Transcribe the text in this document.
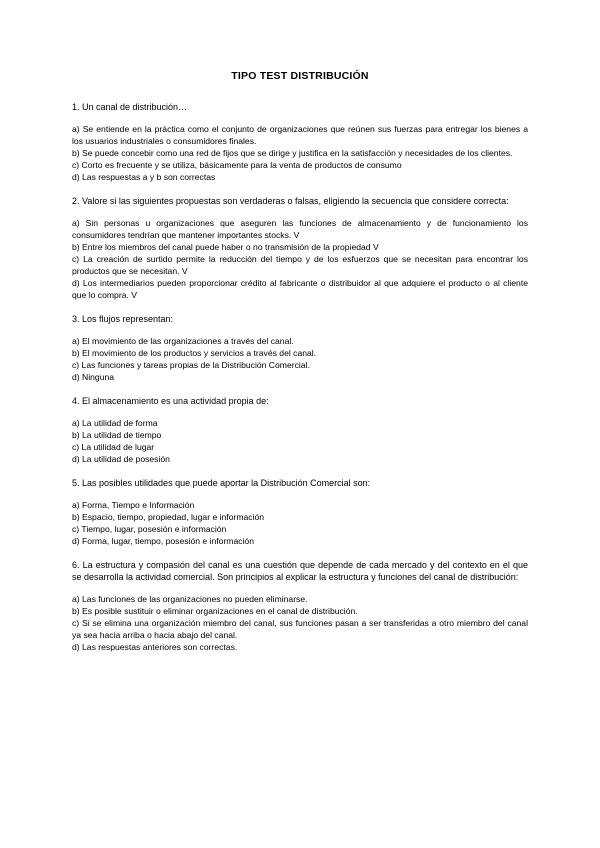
TIPO TEST DISTRIBUCIÓN

1. Un canal de distribución…

a) Se entiende en la práctica como el conjunto de organizaciones que reúnen sus fuerzas para entregar los bienes a los usuarios industriales o consumidores finales.

b) Se puede concebir como una red de fijos que se dirige y justifica en la satisfacción y necesidades de los clientes.

c) Corto es frecuente y se utiliza, básicamente para la venta de productos de consumo

d) Las respuestas a y b son correctas

2. Valore si las siguientes propuestas son verdaderas o falsas, eligiendo la secuencia que considere correcta:

a) Sin personas u organizaciones que aseguren las funciones de almacenamiento y de funcionamiento los consumidores tendrían que mantener importantes stocks. V

b) Entre los miembros del canal puede haber o no transmisión de la propiedad V

c) La creación de surtido permite la reducción del tiempo y de los esfuerzos que se necesitan para encontrar los productos que se necesitan. V

d) Los intermediarios pueden proporcionar crédito al fabricante o distribuidor al que adquiere el producto o al cliente que lo compra. V

3. Los flujos representan:

a) El movimiento de las organizaciones a través del canal.

b) El movimiento de los productos y servicios a través del canal.

c) Las funciones y tareas propias de la Distribución Comercial.

d) Ninguna

4. El almacenamiento es una actividad propia de:

a) La utilidad de forma

b) La utilidad de tiempo

c) La utilidad de lugar

d) La utilidad de posesión

5. Las posibles utilidades que puede aportar la Distribución Comercial son:

a) Forma, Tiempo e Información

b) Espacio, tiempo, propiedad, lugar e información

c) Tiempo, lugar, posesión e información

d) Forma, lugar, tiempo, posesión e información

6. La estructura y compasión del canal es una cuestión que depende de cada mercado y del contexto en el que se desarrolla la actividad comercial. Son principios al explicar la estructura y funciones del canal de distribución:

a) Las funciones de las organizaciones no pueden eliminarse.

b) Es posible sustituir o eliminar organizaciones en el canal de distribución.

c) Si se elimina una organización miembro del canal, sus funciones pasan a ser transferidas a otro miembro del canal ya sea hacia arriba o hacia abajo del canal.

d) Las respuestas anteriores son correctas.
